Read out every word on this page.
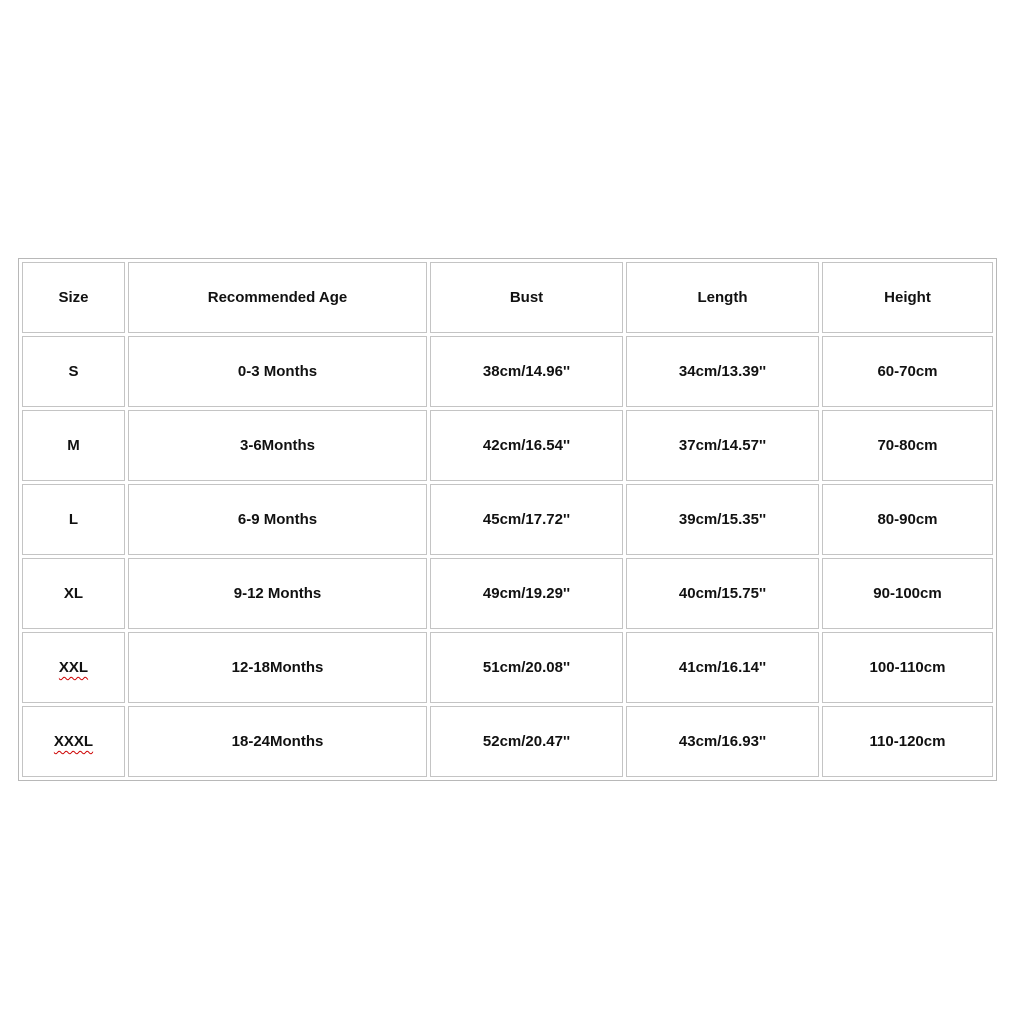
Size	Recommended Age	Bust	Length	Height
S	0-3 Months	38cm/14.96''	34cm/13.39''	60-70cm
M	3-6Months	42cm/16.54''	37cm/14.57''	70-80cm
L	6-9 Months	45cm/17.72''	39cm/15.35''	80-90cm
XL	9-12 Months	49cm/19.29''	40cm/15.75''	90-100cm
XXL	12-18Months	51cm/20.08''	41cm/16.14''	100-110cm
XXXL	18-24Months	52cm/20.47''	43cm/16.93''	110-120cm
